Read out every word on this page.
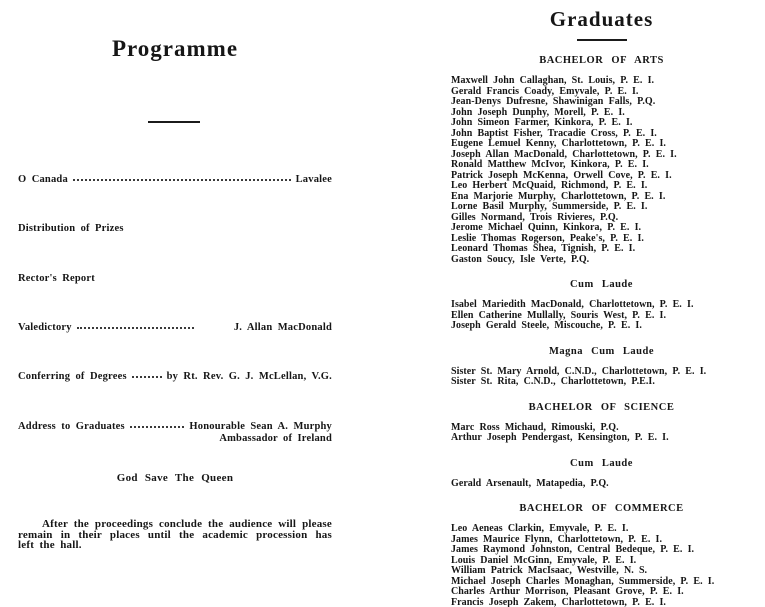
Programme
O Canada	Lavalee
Distribution of Prizes
Rector's Report
Valedictory	J. Allan MacDonald
Conferring of Degrees	by Rt. Rev. G. J. McLellan, V.G.
Address to Graduates	Honourable Sean A. Murphy
Ambassador of Ireland
God Save The Queen

After the proceedings conclude the audience will please remain in their places until the academic procession has left the hall.

Graduates
BACHELOR OF ARTS
Maxwell John Callaghan, St. Louis, P. E. I.
Gerald Francis Coady, Emyvale, P. E. I.
Jean-Denys Dufresne, Shawinigan Falls, P.Q.
John Joseph Dunphy, Morell, P. E. I.
John Simeon Farmer, Kinkora, P. E. I.
John Baptist Fisher, Tracadie Cross, P. E. I.
Eugene Lemuel Kenny, Charlottetown, P. E. I.
Joseph Allan MacDonald, Charlottetown, P. E. I.
Ronald Matthew McIvor, Kinkora, P. E. I.
Patrick Joseph McKenna, Orwell Cove, P. E. I.
Leo Herbert McQuaid, Richmond, P. E. I.
Ena Marjorie Murphy, Charlottetown, P. E. I.
Lorne Basil Murphy, Summerside, P. E. I.
Gilles Normand, Trois Rivieres, P.Q.
Jerome Michael Quinn, Kinkora, P. E. I.
Leslie Thomas Rogerson, Peake's, P. E. I.
Leonard Thomas Shea, Tignish, P. E. I.
Gaston Soucy, Isle Verte, P.Q.
Cum Laude
Isabel Mariedith MacDonald, Charlottetown, P. E. I.
Ellen Catherine Mullally, Souris West, P. E. I.
Joseph Gerald Steele, Miscouche, P. E. I.
Magna Cum Laude
Sister St. Mary Arnold, C.N.D., Charlottetown, P. E. I.
Sister St. Rita, C.N.D., Charlottetown, P.E.I.
BACHELOR OF SCIENCE
Marc Ross Michaud, Rimouski, P.Q.
Arthur Joseph Pendergast, Kensington, P. E. I.
Cum Laude
Gerald Arsenault, Matapedia, P.Q.
BACHELOR OF COMMERCE
Leo Aeneas Clarkin, Emyvale, P. E. I.
James Maurice Flynn, Charlottetown, P. E. I.
James Raymond Johnston, Central Bedeque, P. E. I.
Louis Daniel McGinn, Emyvale, P. E. I.
William Patrick MacIsaac, Westville, N. S.
Michael Joseph Charles Monaghan, Summerside, P. E. I.
Charles Arthur Morrison, Pleasant Grove, P. E. I.
Francis Joseph Zakem, Charlottetown, P. E. I.
